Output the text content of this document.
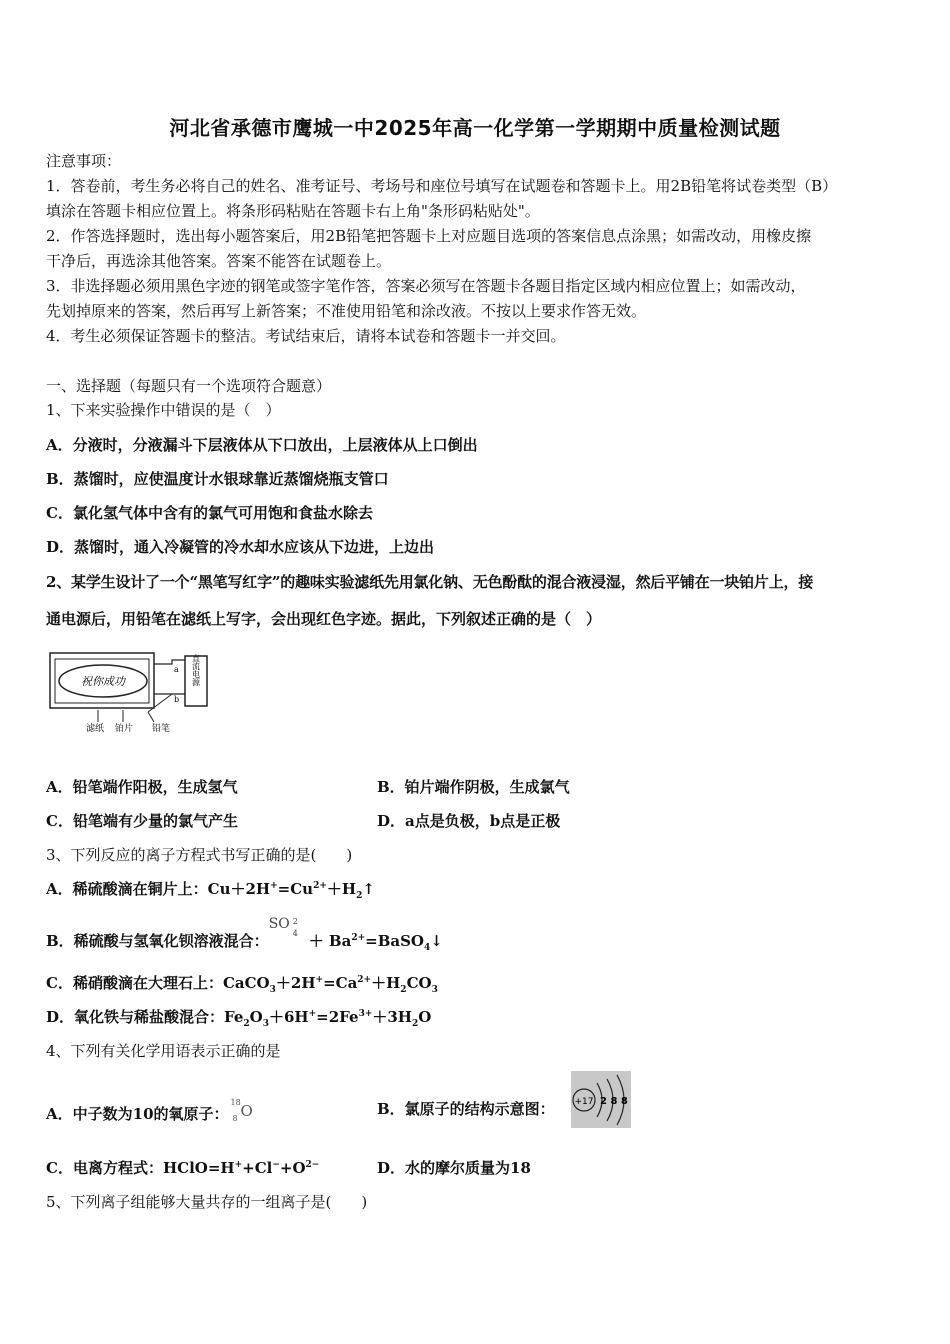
河北省承德市鹰城一中2025年高一化学第一学期期中质量检测试题
注意事项：
1．答卷前，考生务必将自己的姓名、准考证号、考场号和座位号填写在试题卷和答题卡上。用2B铅笔将试卷类型（B）
填涂在答题卡相应位置上。将条形码粘贴在答题卡右上角"条形码粘贴处"。
2．作答选择题时，选出每小题答案后，用2B铅笔把答题卡上对应题目选项的答案信息点涂黑；如需改动，用橡皮擦
干净后，再选涂其他答案。答案不能答在试题卷上。
3．非选择题必须用黑色字迹的钢笔或签字笔作答，答案必须写在答题卡各题目指定区域内相应位置上；如需改动，
先划掉原来的答案，然后再写上新答案；不准使用铅笔和涂改液。不按以上要求作答无效。
4．考生必须保证答题卡的整洁。考试结束后，请将本试卷和答题卡一并交回。
一、选择题（每题只有一个选项符合题意）
1、下来实验操作中错误的是（　）
A．分液时，分液漏斗下层液体从下口放出，上层液体从上口倒出
B．蒸馏时，应使温度计水银球靠近蒸馏烧瓶支管口
C．氯化氢气体中含有的氯气可用饱和食盐水除去
D．蒸馏时，通入冷凝管的冷水却水应该从下边进，上边出
2、某学生设计了一个“黑笔写红字”的趣味实验滤纸先用氯化钠、无色酚酞的混合液浸湿，然后平铺在一块铂片上，接
通电源后，用铅笔在滤纸上写字，会出现红色字迹。据此，下列叙述正确的是（　）
祝你成功	直流电源
a
b
滤纸 铂片 铅笔
A．铅笔端作阳极，生成氢气	B．铂片端作阴极，生成氯气
C．铅笔端有少量的氯气产生	D．a点是负极，b点是正极
3、下列反应的离子方程式书写正确的是(　　)
A．稀硫酸滴在铜片上：$Cu+2H^+=Cu^{2+}+H_2↑$
B．稀硫酸与氢氧化钡溶液混合：
SO 2
$4 + Ba^{2+}=BaSO_4↓$
C．稀硝酸滴在大理石上：$CaCO_3+2H^+=Ca^{2+}+H_2CO_3$
D．氧化铁与稀盐酸混合：$Fe_2O_3+6H^+=2Fe^{3+}+3H_2O$
4、下列有关化学用语表示正确的是
A．中子数为10的氧原子：
18
8 O	B．氯原子的结构示意图： +17 2 8 8
C．电离方程式：$HClO=H^++Cl^-+O^{2-}$	D．水的摩尔质量为18
5、下列离子组能够大量共存的一组离子是(　　)
